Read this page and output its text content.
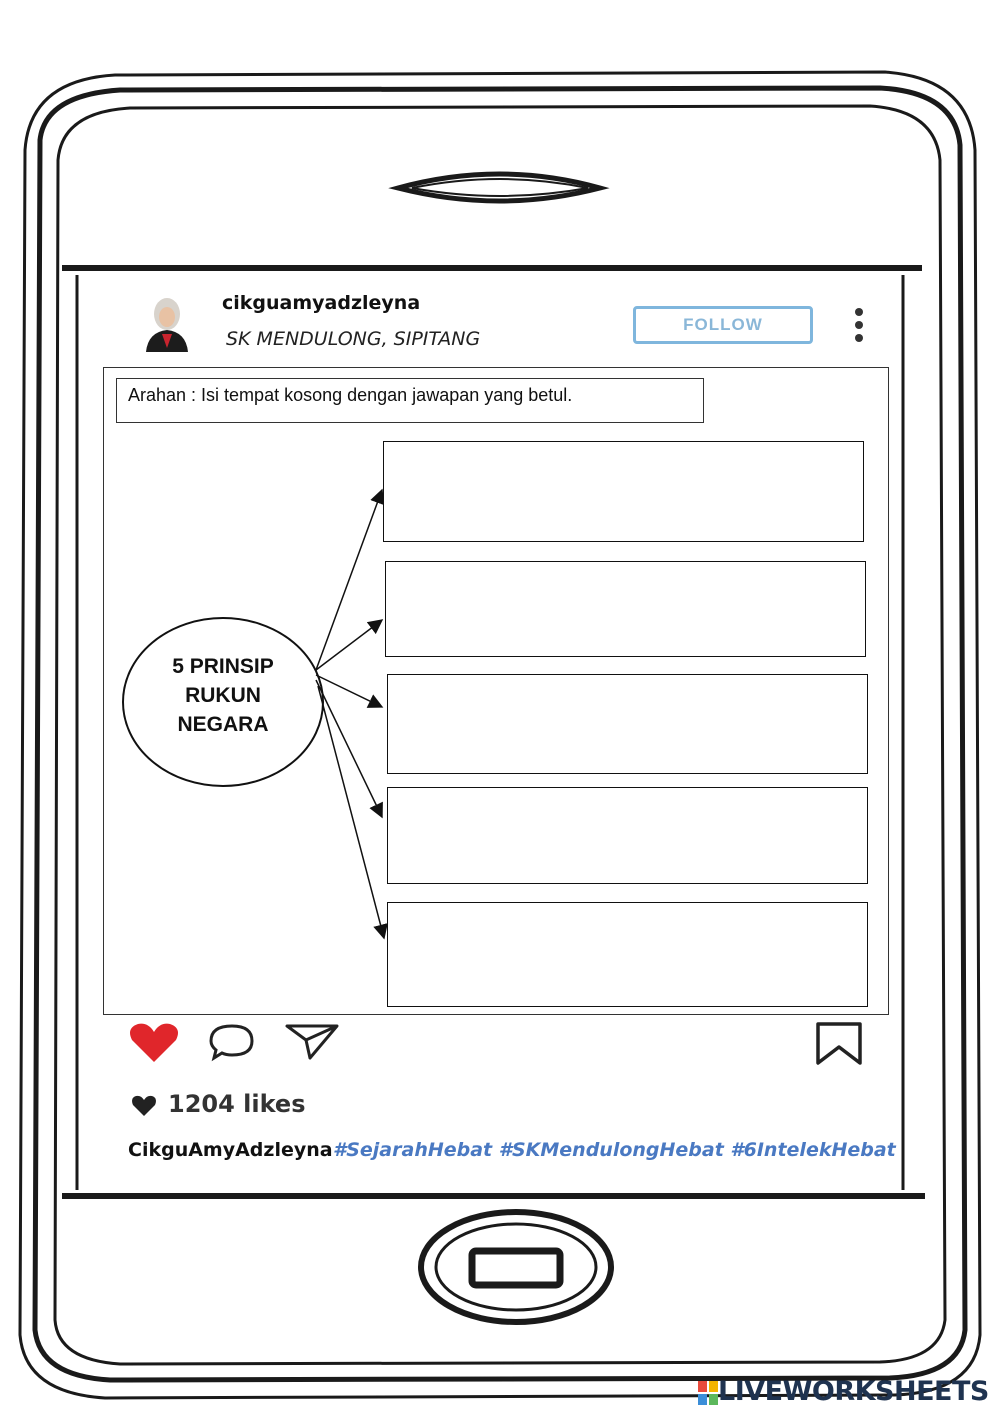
cikguamyadzleyna
SK MENDULONG, SIPITANG
FOLLOW
Arahan : Isi tempat kosong dengan jawapan yang betul.
5 PRINSIP
RUKUN
NEGARA
1204 likes
CikguAmyAdzleyna #SejarahHebat #SKMendulongHebat #6IntelekHebat
LIVEWORKSHEETS
